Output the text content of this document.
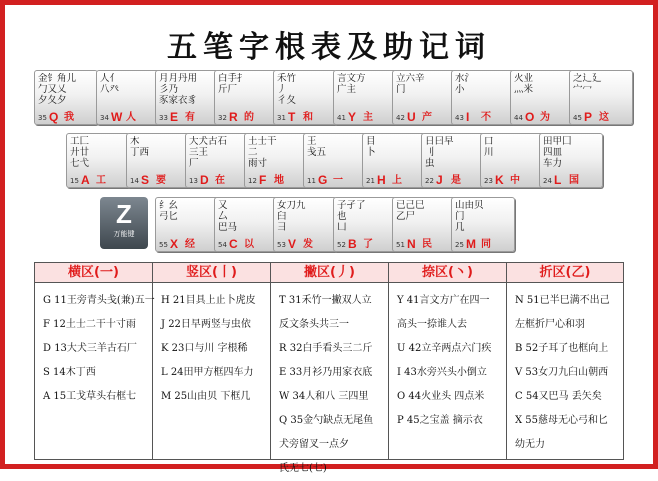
五笔字根表及助记词
金钅角儿
勹又乂
夕夂夕
35 Q 我
人亻
八癶

34 W 人
月月丹用
彡乃
豕家衣豸
33 E 有
白手扌
斤厂

32 R 的
禾竹
丿
彳夂
31 T 和
言文方
广主

41 Y 主
立六辛
门

42 U 产
水氵
小

43 I 不
火业
灬米

44 O 为
之辶廴
宀冖

45 P 这
工匚
廾廿
七弋
15 A 工
木
丁西

14 S 要
大犬古石
三王
厂
13 D 在
土士干
二
雨寸
12 F 地
王
戋五

11 G 一
目
卜

21 H 上
日曰早
刂
虫
22 J 是
口
川

23 K 中
田甲囗
四皿
车力
24 L 国
纟幺
弓匕

55 X 经
又
厶
巴马
54 C 以
女刀九
臼
彐
53 V 发
子孑了
也
凵
52 B 了
已己巳
乙尸

51 N 民
山由贝
门
几
25 M 同
Z
万能键
横区(一)
G 11王旁青头戋(兼)五一
F 12土士二干十寸雨
D 13大犬三羊古石厂
S 14木丁西
A 15工戈草头右框七
竖区(丨)
H 21目具上止卜虎皮
J 22日早两竖与虫依
K 23口与川 字根稀
L 24田甲方框四车力
M 25山由贝 下框几
撇区(丿)
T 31禾竹一撇双人立
反文条头共三一
R 32白手看头三二斤
E 33月衫乃用家衣底
W 34人和八 三四里
Q 35金勺缺点无尾鱼
犬旁留叉一点夕
氏无七(七)
捺区(丶)
Y 41言文方广在四一
高头一捺谁人去
U 42立辛两点六门疾
I 43水旁兴头小倒立
O 44火业头 四点米
P 45之宝盖 摘示衣
折区(乙)
N 51已半巳满不出己
左框折尸心和羽
B 52子耳了也框向上
V 53女刀九臼山朝西
C 54又巴马 丢矢矣
X 55慈母无心弓和匕
幼无力
